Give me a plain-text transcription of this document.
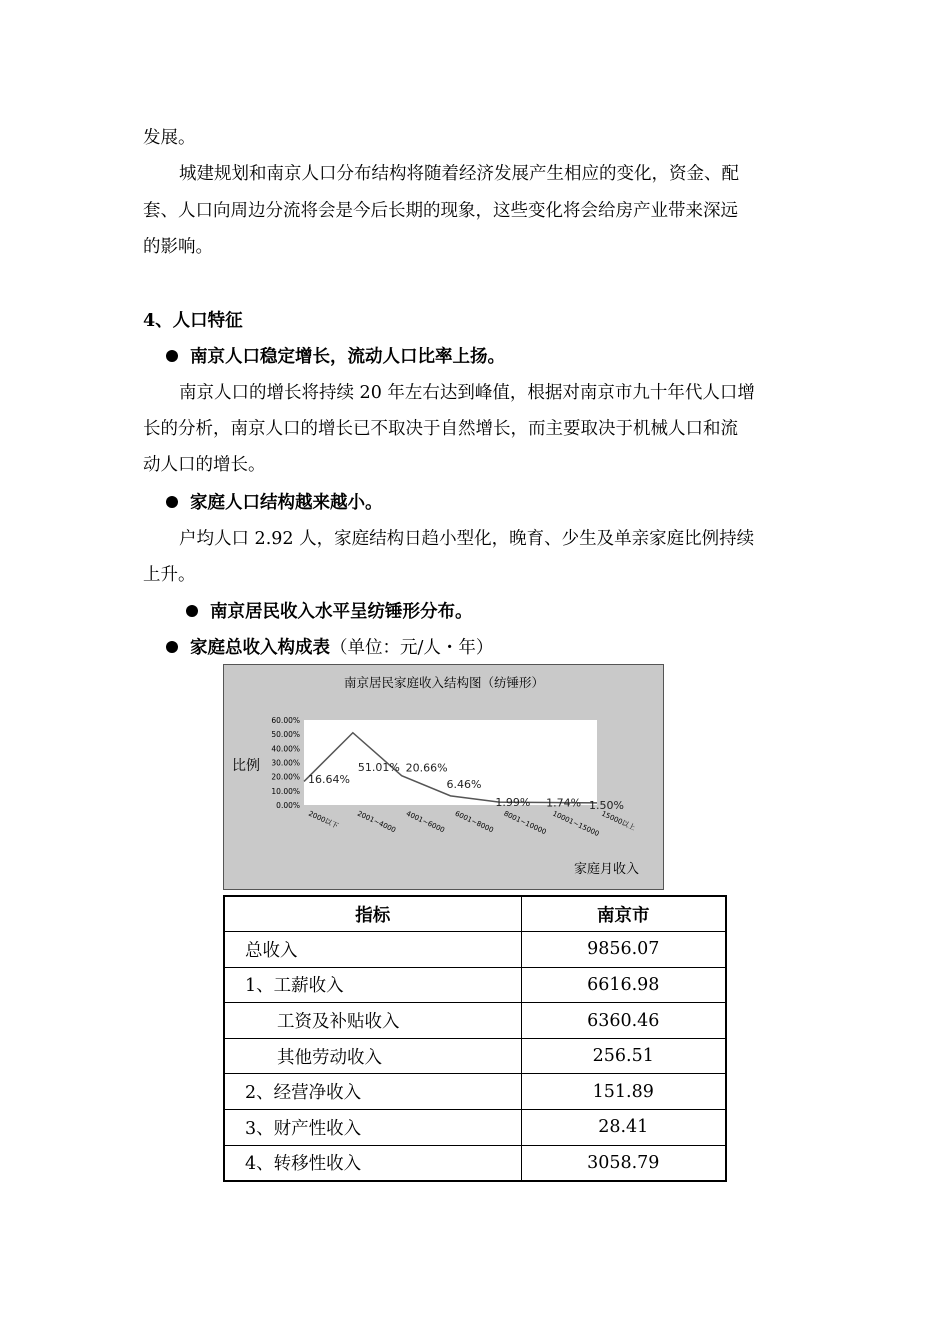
发展。
城建规划和南京人口分布结构将随着经济发展产生相应的变化，资金、配
套、人口向周边分流将会是今后长期的现象，这些变化将会给房产业带来深远
的影响。
4、人口特征
南京人口稳定增长，流动人口比率上扬。
南京人口的增长将持续 20 年左右达到峰值，根据对南京市九十年代人口增
长的分析，南京人口的增长已不取决于自然增长，而主要取决于机械人口和流
动人口的增长。
家庭人口结构越来越小。
户均人口 2.92 人，家庭结构日趋小型化，晚育、少生及单亲家庭比例持续
上升。
南京居民收入水平呈纺锤形分布。
家庭总收入构成表（单位：元/人・年）
南京居民家庭收入结构图（纺锤形）
60.00%
50.00%
40.00%
30.00%
20.00%
10.00%
0.00%
2000以下 2001~4000 4001~6000 6001~8000 8001~10000 10001~15000 15000以上
16.64%
51.01% 20.66%
6.46%
1.99% 1.74% 1.50%
比例
家庭月收入
指标	南京市
总收入	9856.07
1、工薪收入	6616.98
工资及补贴收入	6360.46
其他劳动收入	256.51
2、经营净收入	151.89
3、财产性收入	28.41
4、转移性收入	3058.79
